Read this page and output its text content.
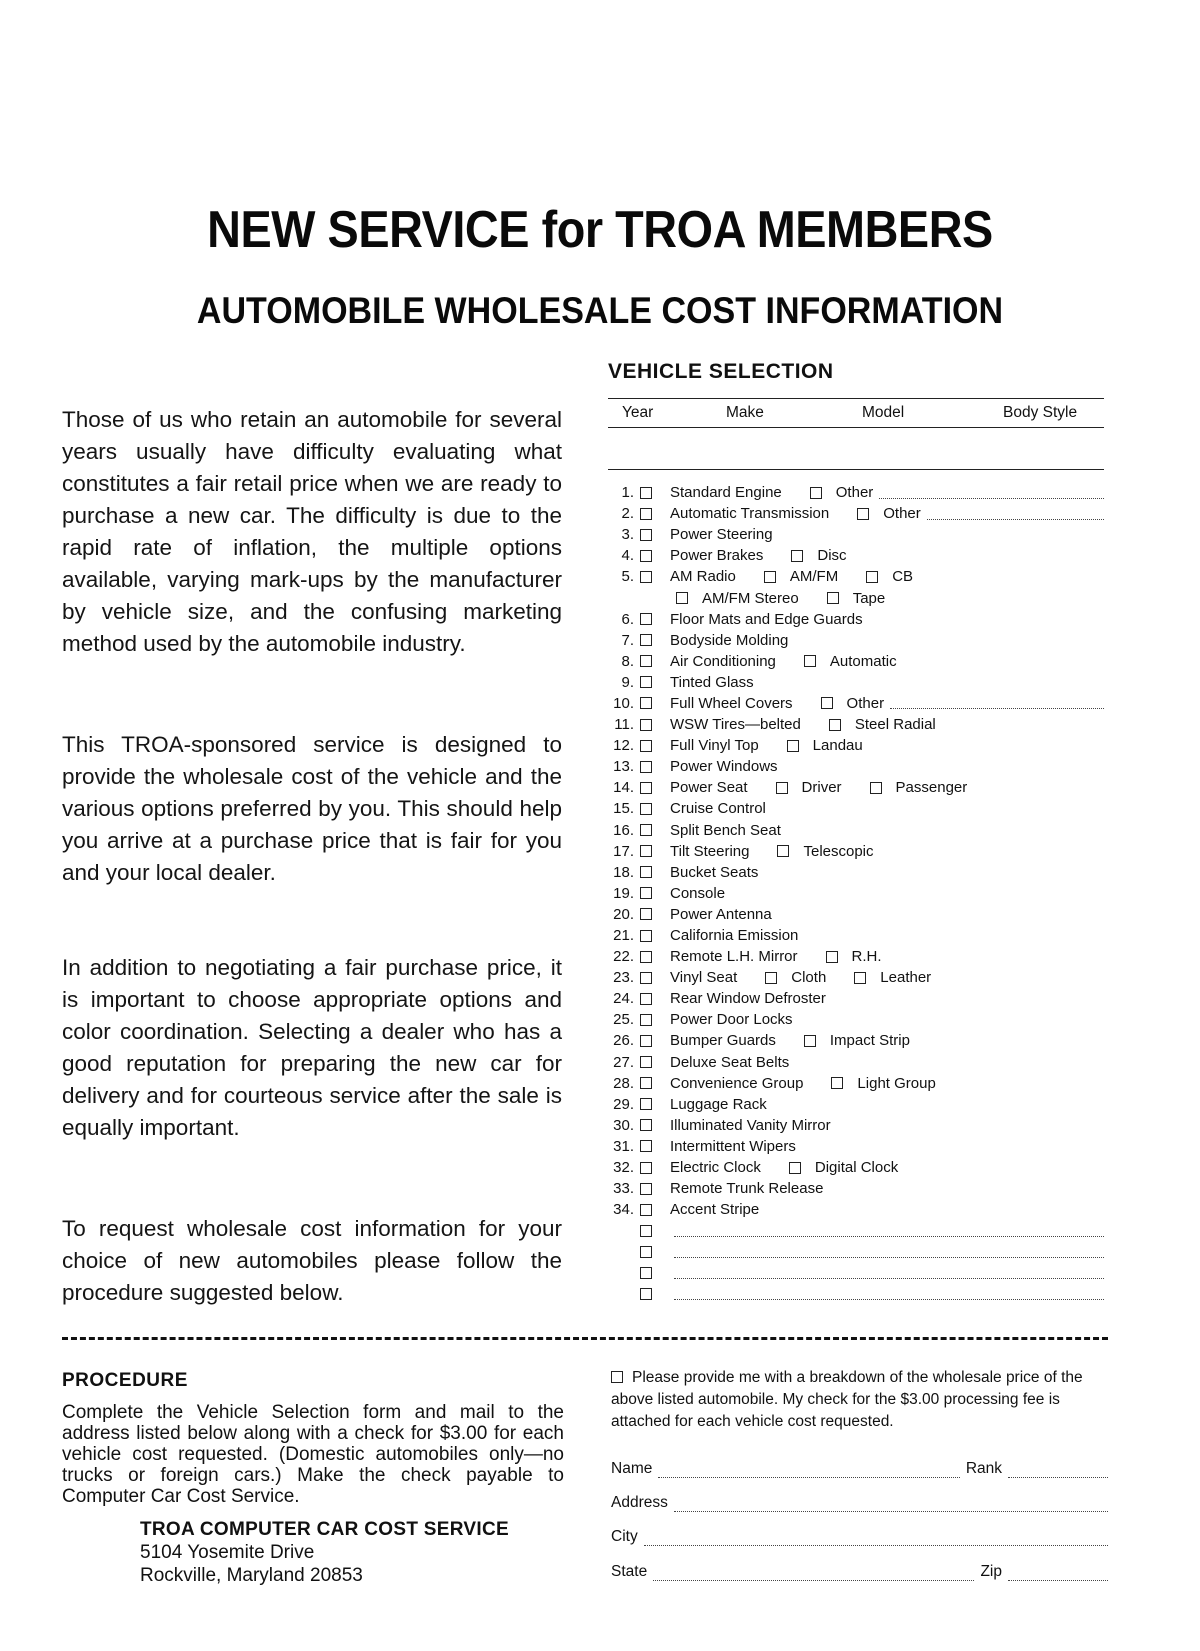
NEW SERVICE for TROA MEMBERS
AUTOMOBILE WHOLESALE COST INFORMATION

Those of us who retain an automobile for several years usually have difficulty evaluating what constitutes a fair retail price when we are ready to purchase a new car. The difficulty is due to the rapid rate of inflation, the multiple options available, varying mark-ups by the manufacturer by vehicle size, and the confusing marketing method used by the automobile industry.

This TROA-sponsored service is designed to provide the wholesale cost of the vehicle and the various options preferred by you. This should help you arrive at a purchase price that is fair for you and your local dealer.

In addition to negotiating a fair purchase price, it is important to choose appropriate options and color coordination. Selecting a dealer who has a good reputation for preparing the new car for delivery and for courteous service after the sale is equally important.

To request wholesale cost information for your choice of new automobiles please follow the procedure suggested below.

VEHICLE SELECTION
Year	Make	Model	Body Style
1. Standard Engine	Other
2. Automatic Transmission	Other
3. Power Steering
4. Power Brakes	Disc
5. AM Radio	AM/FM	CB
AM/FM Stereo	Tape
6. Floor Mats and Edge Guards
7. Bodyside Molding
8. Air Conditioning	Automatic
9. Tinted Glass
10. Full Wheel Covers	Other
11. WSW Tires—belted	Steel Radial
12. Full Vinyl Top	Landau
13. Power Windows
14. Power Seat	Driver	Passenger
15. Cruise Control
16. Split Bench Seat
17. Tilt Steering	Telescopic
18. Bucket Seats
19. Console
20. Power Antenna
21. California Emission
22. Remote L.H. Mirror	R.H.
23. Vinyl Seat	Cloth	Leather
24. Rear Window Defroster
25. Power Door Locks
26. Bumper Guards	Impact Strip
27. Deluxe Seat Belts
28. Convenience Group	Light Group
29. Luggage Rack
30. Illuminated Vanity Mirror
31. Intermittent Wipers
32. Electric Clock	Digital Clock
33. Remote Trunk Release
34. Accent Stripe
PROCEDURE

Complete the Vehicle Selection form and mail to the address listed below along with a check for $3.00 for each vehicle cost requested. (Domestic automobiles only—no trucks or foreign cars.) Make the check payable to Computer Car Cost Service.

TROA COMPUTER CAR COST SERVICE
5104 Yosemite Drive
Rockville, Maryland 20853
Please provide me with a breakdown of the wholesale price of the above listed automobile. My check for the $3.00 processing fee is attached for each vehicle cost requested.
Name	Rank
Address
City
State	Zip
